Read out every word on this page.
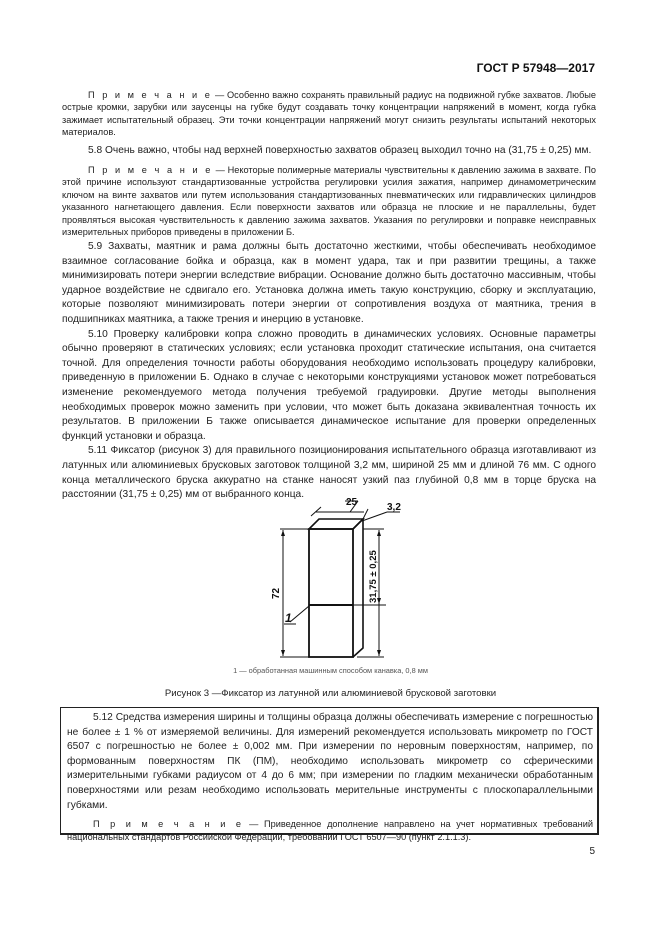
ГОСТ Р 57948—2017

П р и м е ч а н и е — Особенно важно сохранять правильный радиус на подвижной губке захватов. Любые острые кромки, зарубки или заусенцы на губке будут создавать точку концентрации напряжений в момент, когда губка зажимает испытательный образец. Эти точки концентрации напряжений могут снизить результаты испытаний некоторых материалов.

5.8 Очень важно, чтобы над верхней поверхностью захватов образец выходил точно на (31,75 ± 0,25) мм.

П р и м е ч а н и е — Некоторые полимерные материалы чувствительны к давлению зажима в захвате. По этой причине используют стандартизованные устройства регулировки усилия зажатия, например динамометрическим ключом на винте захватов или путем использования стандартизованных пневматических или гидравлических цилиндров указанного нагнетающего давления. Если поверхности захватов или образца не плоские и не параллельны, будет проявляться высокая чувствительность к давлению зажима захватов. Указания по регулировки и поправке неисправных измерительных приборов приведены в приложении Б.

5.9 Захваты, маятник и рама должны быть достаточно жесткими, чтобы обеспечивать необходимое взаимное согласование бойка и образца, как в момент удара, так и при развитии трещины, а также минимизировать потери энергии вследствие вибрации. Основание должно быть достаточно массивным, чтобы ударное воздействие не сдвигало его. Установка должна иметь такую конструкцию, сборку и эксплуатацию, которые позволяют минимизировать потери энергии от сопротивления воздуха от маятника, трения в подшипниках маятника, а также трения и инерцию в установке.

5.10 Проверку калибровки копра сложно проводить в динамических условиях. Основные параметры обычно проверяют в статических условиях; если установка проходит статические испытания, она считается точной. Для определения точности работы оборудования необходимо использовать процедуру калибровки, приведенную в приложении Б. Однако в случае с некоторыми конструкциями установок может потребоваться изменение рекомендуемого метода получения требуемой градуировки. Другие методы выполнения необходимых проверок можно заменить при условии, что может быть доказана эквивалентная точность их результатов. В приложении Б также описывается динамическое испытание для проверки определенных функций установки и образца.

5.11 Фиксатор (рисунок 3) для правильного позиционирования испытательного образца изготавливают из латунных или алюминиевых брусковых заготовок толщиной 3,2 мм, шириной 25 мм и длиной 76 мм. С одного конца металлического бруска аккуратно на станке наносят узкий паз глубиной 0,8 мм в торце бруска на расстоянии (31,75 ± 0,25) мм от выбранного конца.

25	3,2
72	31,75 ± 0,25
1
1 — обработанная машинным способом канавка, 0,8 мм
Рисунок 3 —Фиксатор из латунной или алюминиевой брусковой заготовки

5.12 Средства измерения ширины и толщины образца должны обеспечивать измерение с погрешностью не более ± 1 % от измеряемой величины. Для измерений рекомендуется использовать микрометр по ГОСТ 6507 с погрешностью не более ± 0,002 мм. При измерении по неровным поверхностям, например, по формованным поверхностям ПК (ПМ), необходимо использовать микрометр со сферическими измерительными губками радиусом от 4 до 6 мм; при измерении по гладким механически обработанным поверхностями или резам необходимо использовать мерительные инструменты с плоскопараллельными губками.

П р и м е ч а н и е — Приведенное дополнение направлено на учет нормативных требований национальных стандартов Российской Федерации, требований ГОСТ 6507—90 (пункт 2.1.1.3).

5
